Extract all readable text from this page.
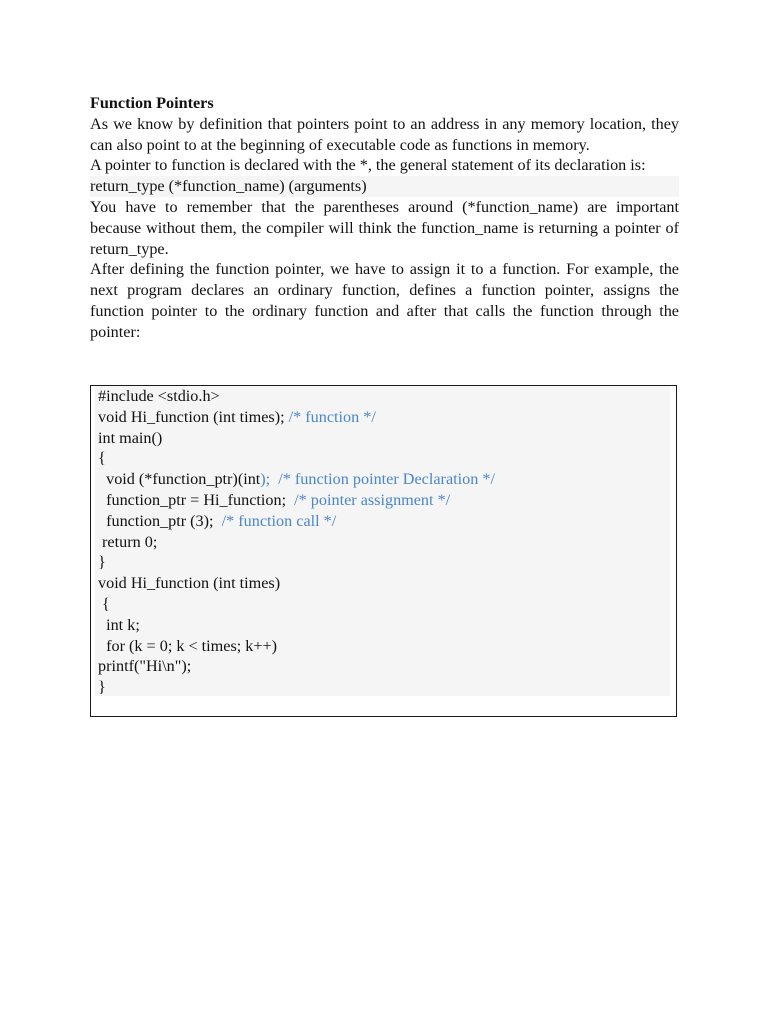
Function Pointers

As we know by definition that pointers point to an address in any memory location, they can also point to at the beginning of executable code as functions in memory.

A pointer to function is declared with the *, the general statement of its declaration is:

return_type (*function_name) (arguments)

You have to remember that the parentheses around (*function_name) are important because without them, the compiler will think the function_name is returning a pointer of return_type.

After defining the function pointer, we have to assign it to a function. For example, the next program declares an ordinary function, defines a function pointer, assigns the function pointer to the ordinary function and after that calls the function through the pointer:

#include <stdio.h>
void Hi_function (int times); /* function */
int main()
{
void (*function_ptr)(int);  /* function pointer Declaration */
function_ptr = Hi_function;  /* pointer assignment */
function_ptr (3);  /* function call */
return 0;
}
void Hi_function (int times)
{
int k;
for (k = 0; k < times; k++)
printf("Hi\n");
}
